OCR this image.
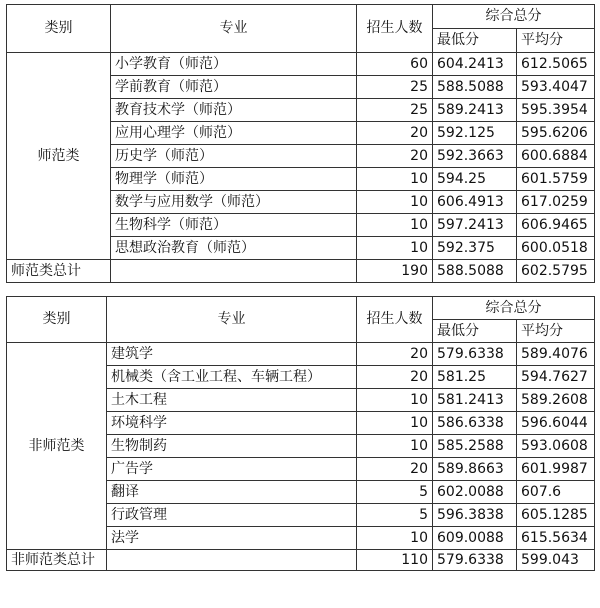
类别	专业	招生人数	综合总分	
			最低分	平均分
师范类	小学教育（师范）	60	604.2413	612.5065
	学前教育（师范）	25	588.5088	593.4047
	教育技术学（师范）	25	589.2413	595.3954
	应用心理学（师范）	20	592.125	595.6206
	历史学（师范）	20	592.3663	600.6884
	物理学（师范）	10	594.25	601.5759
	数学与应用数学（师范）	10	606.4913	617.0259
	生物科学（师范）	10	597.2413	606.9465
	思想政治教育（师范）	10	592.375	600.0518
师范类总计		190	588.5088	602.5795
类别	专业	招生人数	综合总分	
			最低分	平均分
非师范类	建筑学	20	579.6338	589.4076
	机械类（含工业工程、车辆工程）	20	581.25	594.7627
	土木工程	10	581.2413	589.2608
	环境科学	10	586.6338	596.6044
	生物制药	10	585.2588	593.0608
	广告学	20	589.8663	601.9987
	翻译	5	602.0088	607.6
	行政管理	5	596.3838	605.1285
	法学	10	609.0088	615.5634
非师范类总计		110	579.6338	599.043
